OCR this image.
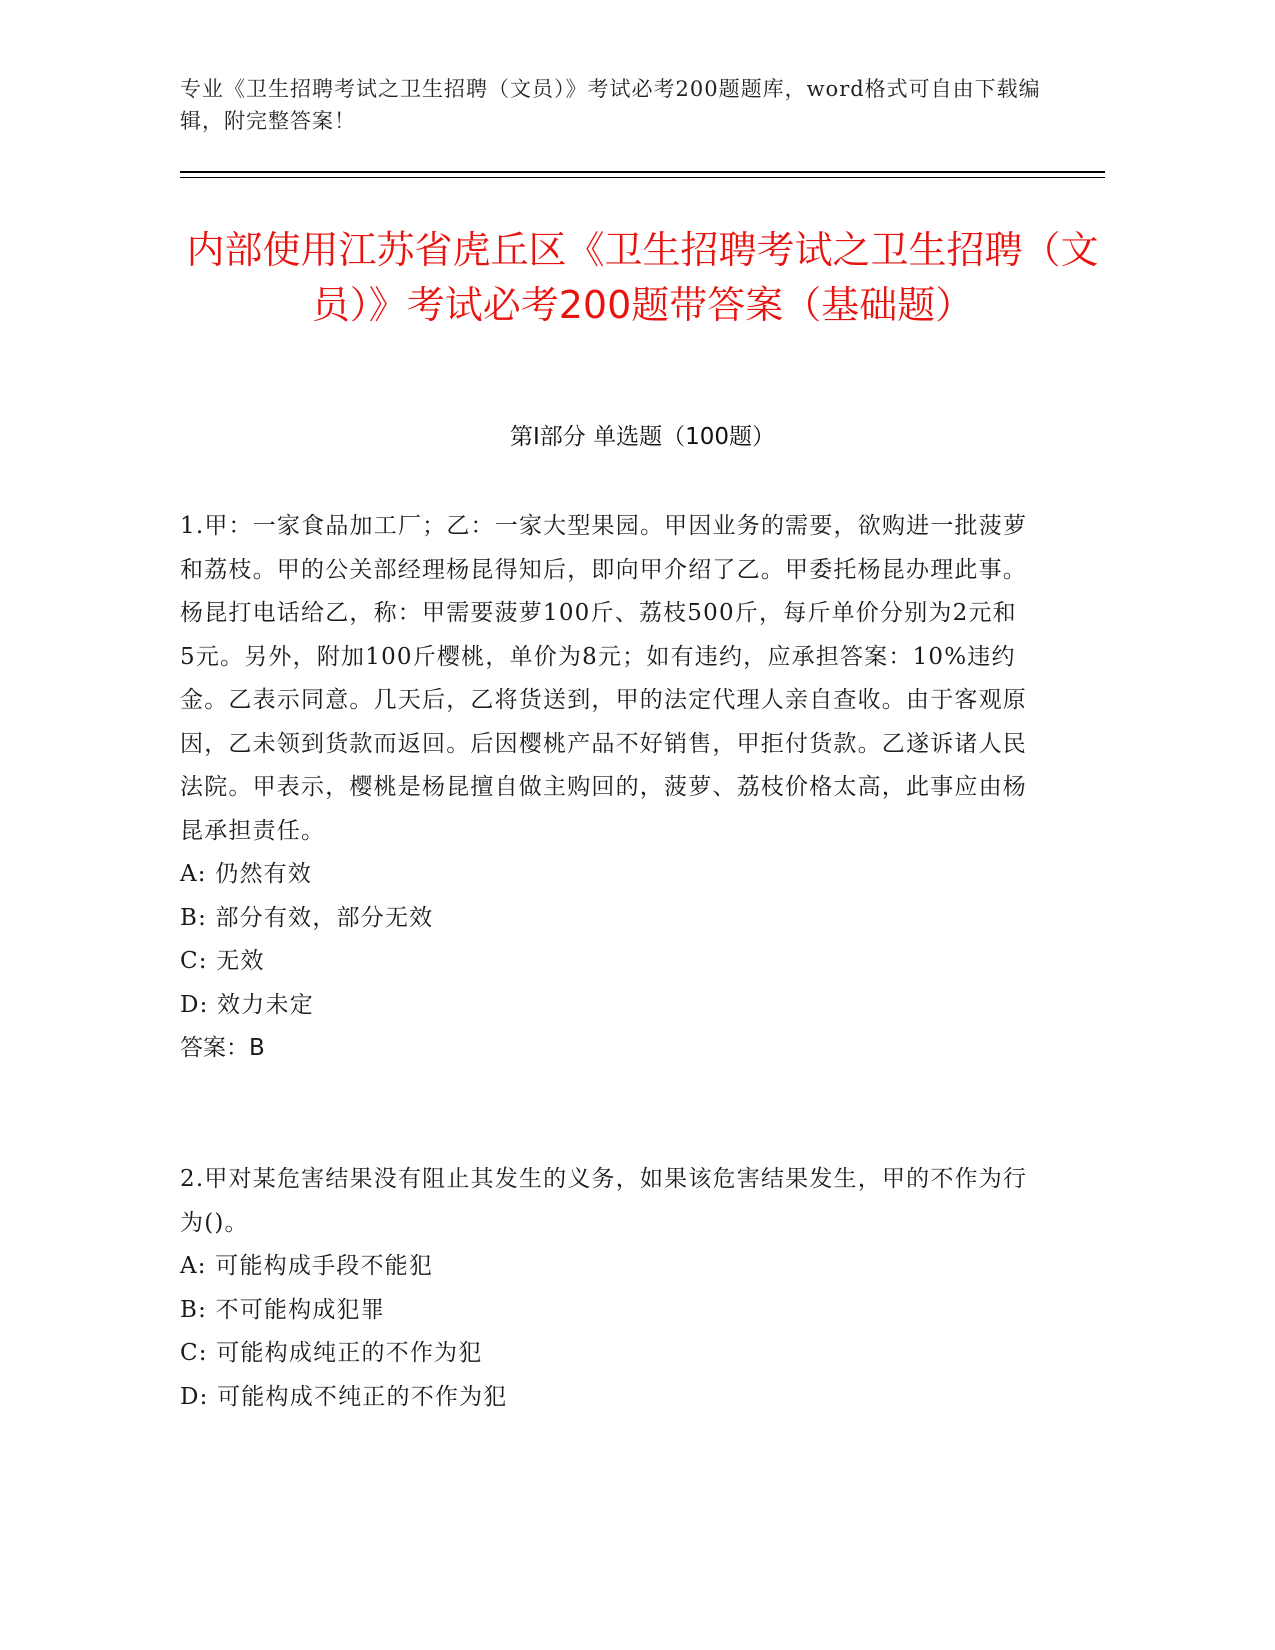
专业《卫生招聘考试之卫生招聘（文员）》考试必考200题题库，word格式可自由下载编辑，附完整答案！
内部使用江苏省虎丘区《卫生招聘考试之卫生招聘（文员）》考试必考200题带答案（基础题）
第I部分 单选题（100题）

1.甲：一家食品加工厂；乙：一家大型果园。甲因业务的需要，欲购进一批菠萝和荔枝。甲的公关部经理杨昆得知后，即向甲介绍了乙。甲委托杨昆办理此事。杨昆打电话给乙，称：甲需要菠萝100斤、荔枝500斤，每斤单价分别为2元和5元。另外，附加100斤樱桃，单价为8元；如有违约，应承担答案：10%违约金。乙表示同意。几天后，乙将货送到，甲的法定代理人亲自查收。由于客观原因，乙未领到货款而返回。后因樱桃产品不好销售，甲拒付货款。乙遂诉诸人民法院。甲表示，樱桃是杨昆擅自做主购回的，菠萝、荔枝价格太高，此事应由杨昆承担责任。

A: 仍然有效

B: 部分有效，部分无效

C: 无效

D: 效力未定

答案：B

2.甲对某危害结果没有阻止其发生的义务，如果该危害结果发生，甲的不作为行为()。

A: 可能构成手段不能犯

B: 不可能构成犯罪

C: 可能构成纯正的不作为犯

D: 可能构成不纯正的不作为犯
